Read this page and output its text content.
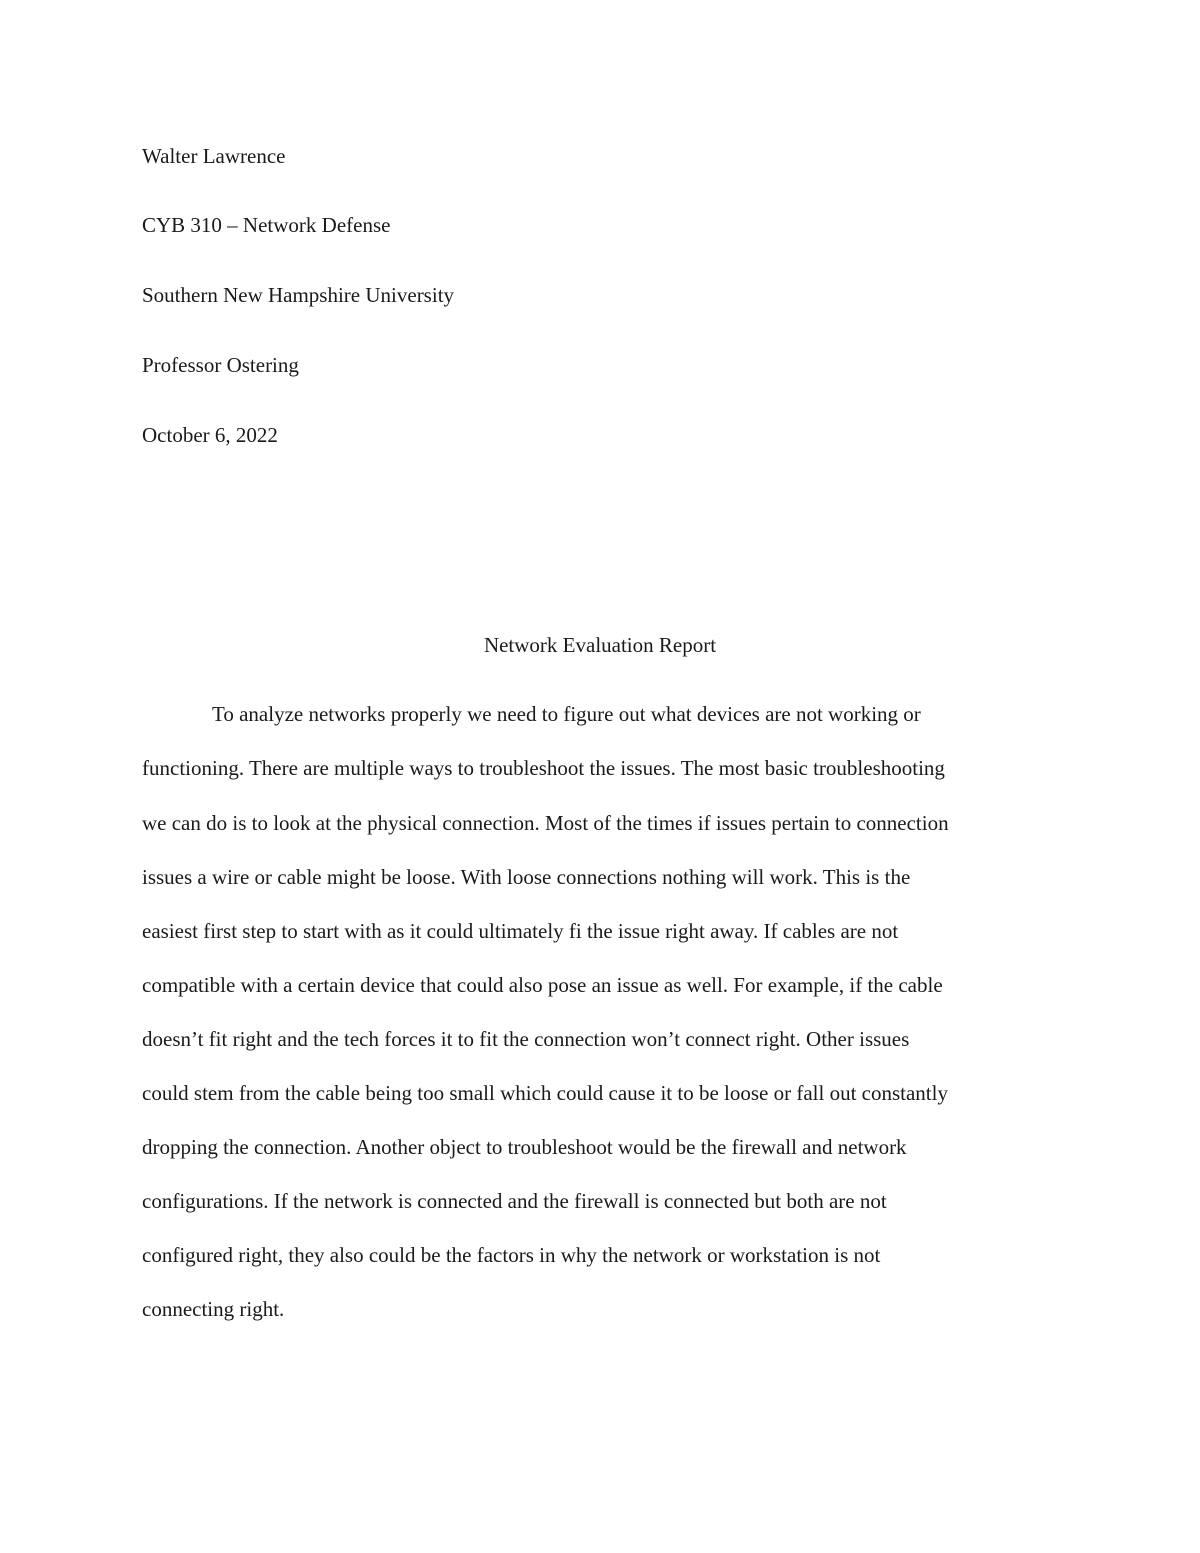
Walter Lawrence
CYB 310 – Network Defense
Southern New Hampshire University
Professor Ostering
October 6, 2022
Network Evaluation Report
To analyze networks properly we need to figure out what devices are not working or
functioning. There are multiple ways to troubleshoot the issues. The most basic troubleshooting
we can do is to look at the physical connection. Most of the times if issues pertain to connection
issues a wire or cable might be loose. With loose connections nothing will work. This is the
easiest first step to start with as it could ultimately fi the issue right away. If cables are not
compatible with a certain device that could also pose an issue as well. For example, if the cable
doesn’t fit right and the tech forces it to fit the connection won’t connect right. Other issues
could stem from the cable being too small which could cause it to be loose or fall out constantly
dropping the connection. Another object to troubleshoot would be the firewall and network
configurations. If the network is connected and the firewall is connected but both are not
configured right, they also could be the factors in why the network or workstation is not
connecting right.
